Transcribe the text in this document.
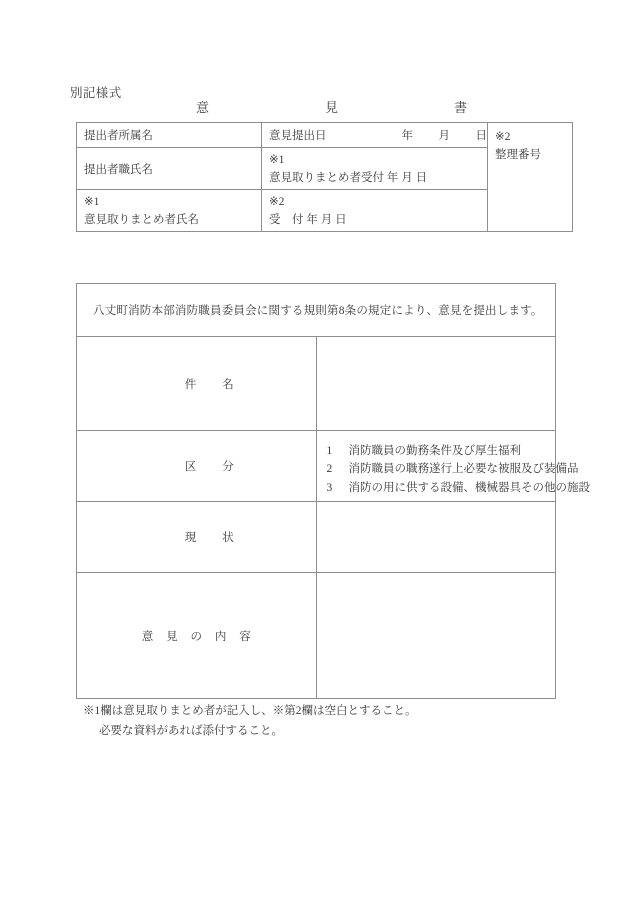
別記様式
意　　見　　書
提出者所属名	意見提出日 年 月 日	※2
整理番号

提出者職氏名	※1
意見取りまとめ者受付 年 月 日	

※1
意見取りまとめ者氏名	※2
受　付 年 月 日	
八丈町消防本部消防職員委員会に関する規則第8条の規定により、意見を提出します。	
件名	
区分	1 消防職員の勤務条件及び厚生福利
2 消防職員の職務遂行上必要な被服及び装備品
3 消防の用に供する設備、機械器具その他の施設

現状	
意 見 の 内 容	
※1欄は意見取りまとめ者が記入し、※第2欄は空白とすること。
必要な資料があれば添付すること。
